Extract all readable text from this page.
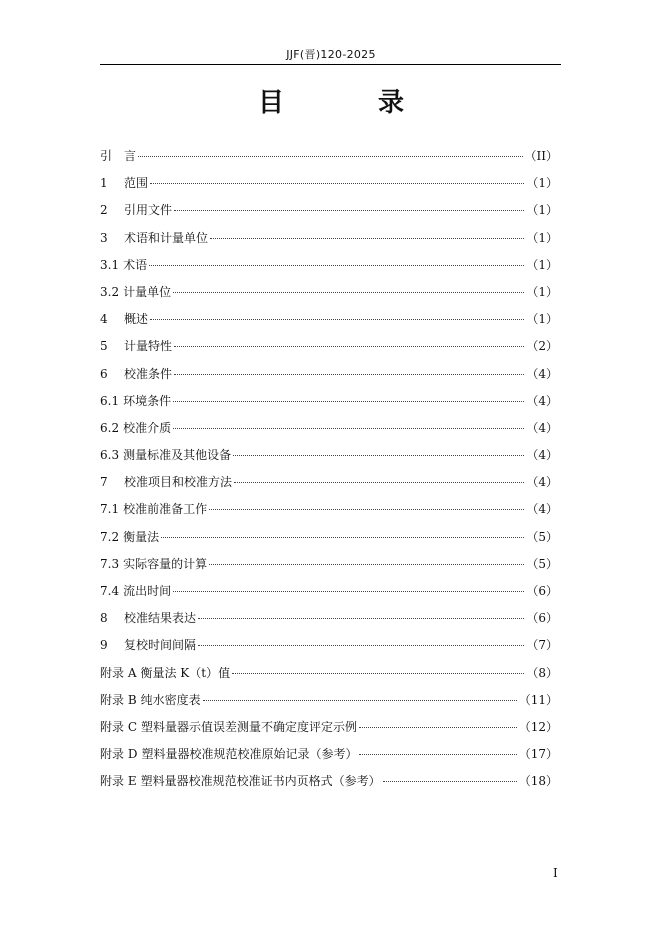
JJF(晋)120-2025
目　录
引 言	（II）
1	范围	（1）
2	引用文件	（1）
3	术语和计量单位	（1）
3.1 术语	（1）
3.2 计量单位	（1）
4	概述	（1）
5	计量特性	（2）
6	校准条件	（4）
6.1 环境条件	（4）
6.2 校准介质	（4）
6.3 测量标准及其他设备	（4）
7	校准项目和校准方法	（4）
7.1 校准前准备工作	（4）
7.2 衡量法	（5）
7.3 实际容量的计算	（5）
7.4 流出时间	（6）
8	校准结果表达	（6）
9	复校时间间隔	（7）
附录 A 衡量法 K（t）值	（8）
附录 B 纯水密度表	（11）
附录 C 塑料量器示值误差测量不确定度评定示例	（12）
附录 D 塑料量器校准规范校准原始记录（参考）	（17）
附录 E 塑料量器校准规范校准证书内页格式（参考）	（18）
I
